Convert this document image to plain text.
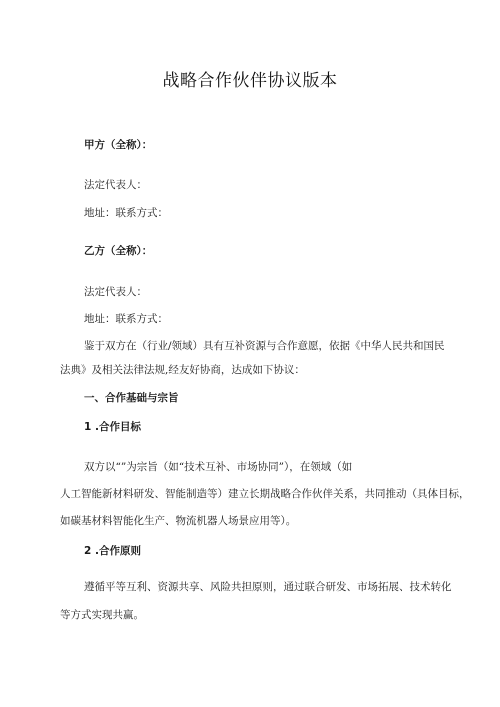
战略合作伙伴协议版本
甲方（全称）：
法定代表人：
地址：联系方式：
乙方（全称）：
法定代表人：
地址：联系方式：
鉴于双方在（行业/领域）具有互补资源与合作意愿，依据《中华人民共和国民
法典》及相关法律法规,经友好协商，达成如下协议：
一、合作基础与宗旨
1 .合作目标
双方以“”为宗旨（如“技术互补、市场协同”），在领域（如
人工智能新材料研发、智能制造等）建立长期战略合作伙伴关系，共同推动（具体目标，
如碳基材料智能化生产、物流机器人场景应用等）。
2 .合作原则
遵循平等互利、资源共享、风险共担原则，通过联合研发、市场拓展、技术转化
等方式实现共赢。
